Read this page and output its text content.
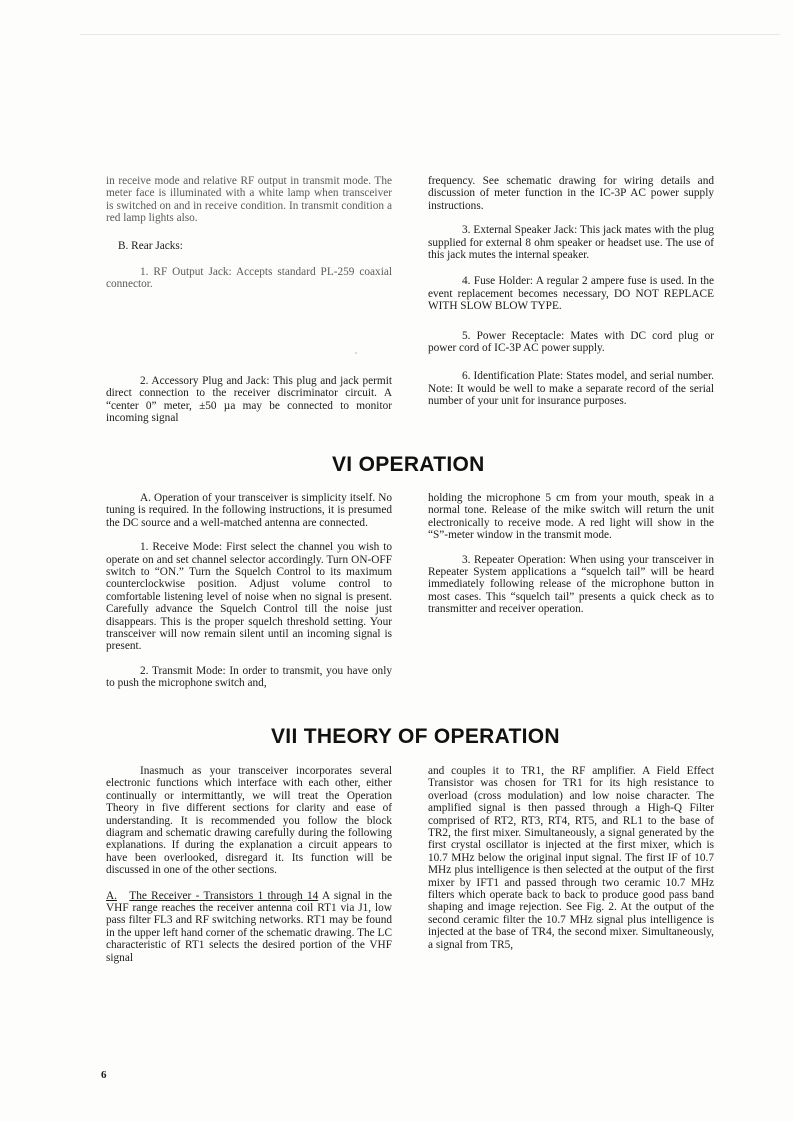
in receive mode and relative RF output in transmit mode. The meter face is illuminated with a white lamp when transceiver is switched on and in receive condition. In transmit condition a red lamp lights also.

B. Rear Jacks:

1. RF Output Jack: Accepts standard PL-259 coaxial connector.

2. Accessory Plug and Jack: This plug and jack permit direct connection to the receiver discriminator circuit. A “center 0” meter, ±50 µa may be connected to monitor incoming signal

frequency. See schematic drawing for wiring details and discussion of meter function in the IC-3P AC power supply instructions.

3. External Speaker Jack: This jack mates with the plug supplied for external 8 ohm speaker or headset use. The use of this jack mutes the internal speaker.

4. Fuse Holder: A regular 2 ampere fuse is used. In the event replacement becomes necessary, DO NOT REPLACE WITH SLOW BLOW TYPE.

5. Power Receptacle: Mates with DC cord plug or power cord of IC-3P AC power supply.

6. Identification Plate: States model, and serial number. Note: It would be well to make a separate record of the serial number of your unit for insurance purposes.

VI OPERATION

A. Operation of your transceiver is simplicity itself. No tuning is required. In the following instructions, it is presumed the DC source and a well-matched antenna are connected.

1. Receive Mode: First select the channel you wish to operate on and set channel selector accordingly. Turn ON-OFF switch to “ON.” Turn the Squelch Control to its maximum counterclockwise position. Adjust volume control to comfortable listening level of noise when no signal is present. Carefully advance the Squelch Control till the noise just disappears. This is the proper squelch threshold setting. Your transceiver will now remain silent until an incoming signal is present.

2. Transmit Mode: In order to transmit, you have only to push the microphone switch and,

holding the microphone 5 cm from your mouth, speak in a normal tone. Release of the mike switch will return the unit electronically to receive mode. A red light will show in the “S”-meter window in the transmit mode.

3. Repeater Operation: When using your transceiver in Repeater System applications a “squelch tail” will be heard immediately following release of the microphone button in most cases. This “squelch tail” presents a quick check as to transmitter and receiver operation.

VII THEORY OF OPERATION

Inasmuch as your transceiver incorporates several electronic functions which interface with each other, either continually or intermittantly, we will treat the Operation Theory in five different sections for clarity and ease of understanding. It is recommended you follow the block diagram and schematic drawing carefully during the following explanations. If during the explanation a circuit appears to have been overlooked, disregard it. Its function will be discussed in one of the other sections.

A. The Receiver - Transistors 1 through 14 A signal in the VHF range reaches the receiver antenna coil RT1 via J1, low pass filter FL3 and RF switching networks. RT1 may be found in the upper left hand corner of the schematic drawing. The LC characteristic of RT1 selects the desired portion of the VHF signal

and couples it to TR1, the RF amplifier. A Field Effect Transistor was chosen for TR1 for its high resistance to overload (cross modulation) and low noise character. The amplified signal is then passed through a High-Q Filter comprised of RT2, RT3, RT4, RT5, and RL1 to the base of TR2, the first mixer. Simultaneously, a signal generated by the first crystal oscillator is injected at the first mixer, which is 10.7 MHz below the original input signal. The first IF of 10.7 MHz plus intelligence is then selected at the output of the first mixer by IFT1 and passed through two ceramic 10.7 MHz filters which operate back to back to produce good pass band shaping and image rejection. See Fig. 2. At the output of the second ceramic filter the 10.7 MHz signal plus intelligence is injected at the base of TR4, the second mixer. Simultaneously, a signal from TR5,

6
